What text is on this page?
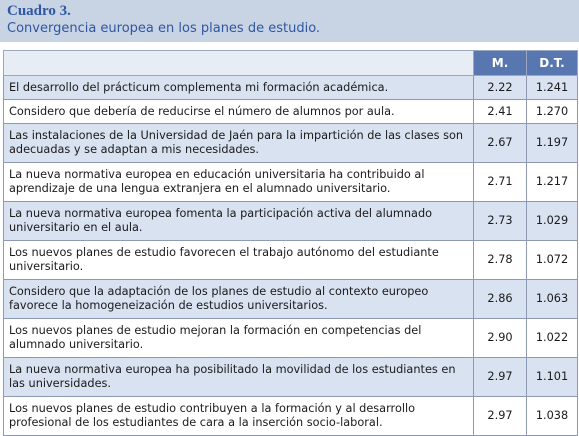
Cuadro 3.
Convergencia europea en los planes de estudio.
	M.	D.T.
El desarrollo del prácticum complementa mi formación académica.	2.22	1.241
Considero que debería de reducirse el número de alumnos por aula.	2.41	1.270
Las instalaciones de la Universidad de Jaén para la impartición de las clases son adecuadas y se adaptan a mis necesidades.	2.67	1.197
La nueva normativa europea en educación universitaria ha contribuido al aprendizaje de una lengua extranjera en el alumnado universitario.	2.71	1.217
La nueva normativa europea fomenta la participación activa del alumnado universitario en el aula.	2.73	1.029
Los nuevos planes de estudio favorecen el trabajo autónomo del estudiante universitario.	2.78	1.072
Considero que la adaptación de los planes de estudio al contexto europeo favorece la homogeneización de estudios universitarios.	2.86	1.063
Los nuevos planes de estudio mejoran la formación en competencias del alumnado universitario.	2.90	1.022
La nueva normativa europea ha posibilitado la movilidad de los estudiantes en las universidades.	2.97	1.101
Los nuevos planes de estudio contribuyen a la formación y al desarrollo profesional de los estudiantes de cara a la inserción socio-laboral.	2.97	1.038
